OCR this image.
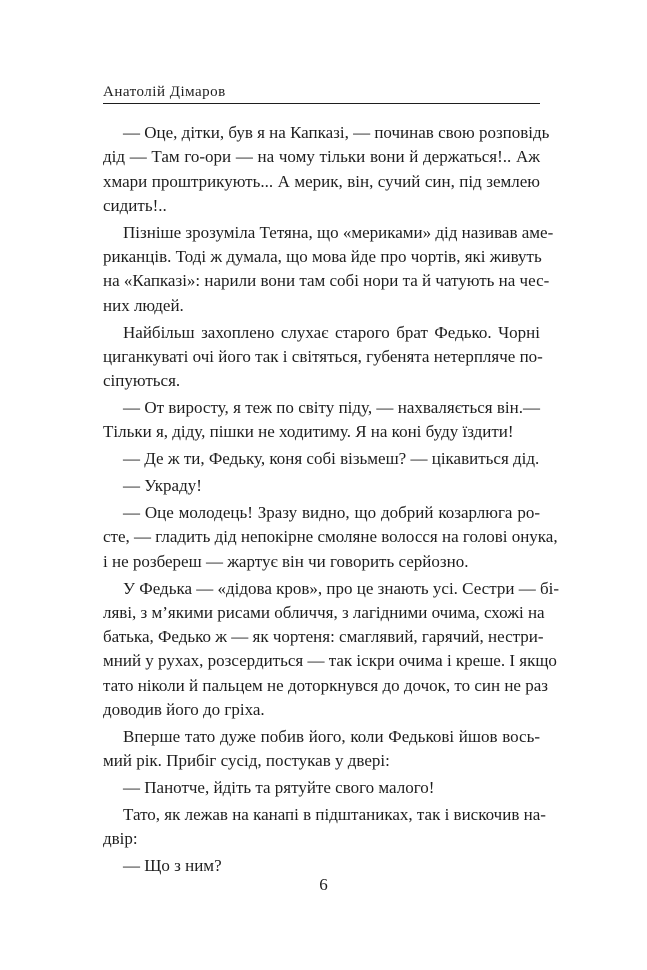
Анатолій Дімаров
— Оце, дітки, був я на Капказі, — починав свою розповідь
дід — Там го-ори — на чому тільки вони й держаться!.. Аж
хмари проштрикують... А мерик, він, сучий син, під землею
сидить!..
Пізніше зрозуміла Тетяна, що «мериками» дід називав аме-
риканців. Тоді ж думала, що мова йде про чортів, які живуть
на «Капказі»: нарили вони там собі нори та й чатують на чес-
них людей.
Найбільш захоплено слухає старого брат Федько. Чорні
циганкуваті очі його так і світяться, губенята нетерпляче по-
сіпуються.
— От виросту, я теж по світу піду, — нахваляється він.—
Тільки я, діду, пішки не ходитиму. Я на коні буду їздити!
— Де ж ти, Федьку, коня собі візьмеш? — цікавиться дід.
— Украду!
— Оце молодець! Зразу видно, що добрий козарлюга ро-
сте, — гладить дід непокірне смоляне волосся на голові онука,
і не розбереш — жартує він чи говорить серйозно.
У Федька — «дідова кров», про це знають усі. Сестри — бі-
ляві, з м’якими рисами обличчя, з лагідними очима, схожі на
батька, Федько ж — як чортеня: смаглявий, гарячий, нестри-
мний у рухах, розсердиться — так іскри очима і креше. І якщо
тато ніколи й пальцем не доторкнувся до дочок, то син не раз
доводив його до гріха.
Вперше тато дуже побив його, коли Федькові йшов вось-
мий рік. Прибіг сусід, постукав у двері:
— Панотче, йдіть та рятуйте свого малого!
Тато, як лежав на канапі в підштаниках, так і вискочив на-
двір:
— Що з ним?
6
